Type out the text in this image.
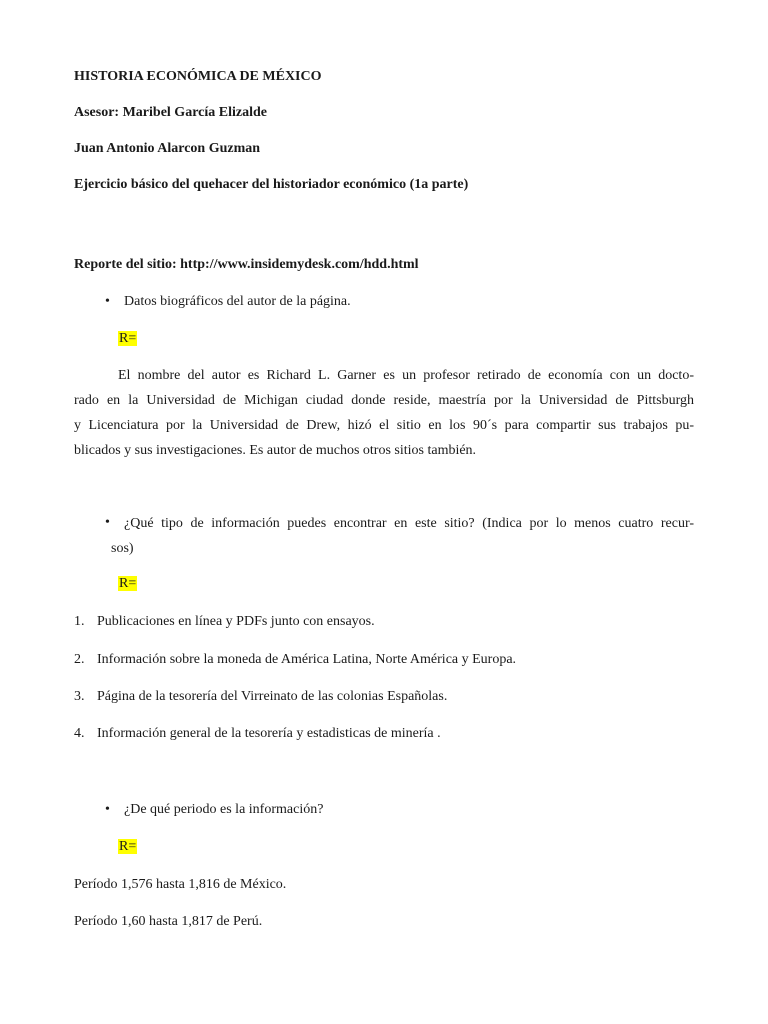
HISTORIA ECONÓMICA DE MÉXICO
Asesor: Maribel García Elizalde
Juan Antonio Alarcon Guzman
Ejercicio básico del quehacer del historiador económico (1a parte)
Reporte del sitio: http://www.insidemydesk.com/hdd.html
• Datos biográficos del autor de la página.
R=
El nombre del autor es Richard L. Garner es un profesor retirado de economía con un docto-
rado en la Universidad de Michigan ciudad donde reside, maestría por la Universidad de Pittsburgh
y Licenciatura por la Universidad de Drew, hizó el sitio en los 90´s para compartir sus trabajos pu-
blicados y sus investigaciones. Es autor de muchos otros sitios también.
• ¿Qué tipo de información puedes encontrar en este sitio? (Indica por lo menos cuatro recur-
sos)
R=
1. Publicaciones en línea y PDFs junto con ensayos.
2. Información sobre la moneda de América Latina, Norte América y Europa.
3. Página de la tesorería del Virreinato de las colonias Españolas.
4. Información general de la tesorería y estadisticas de minería .
• ¿De qué periodo es la información?
R=
Período 1,576 hasta 1,816 de México.
Período 1,60 hasta 1,817 de Perú.
